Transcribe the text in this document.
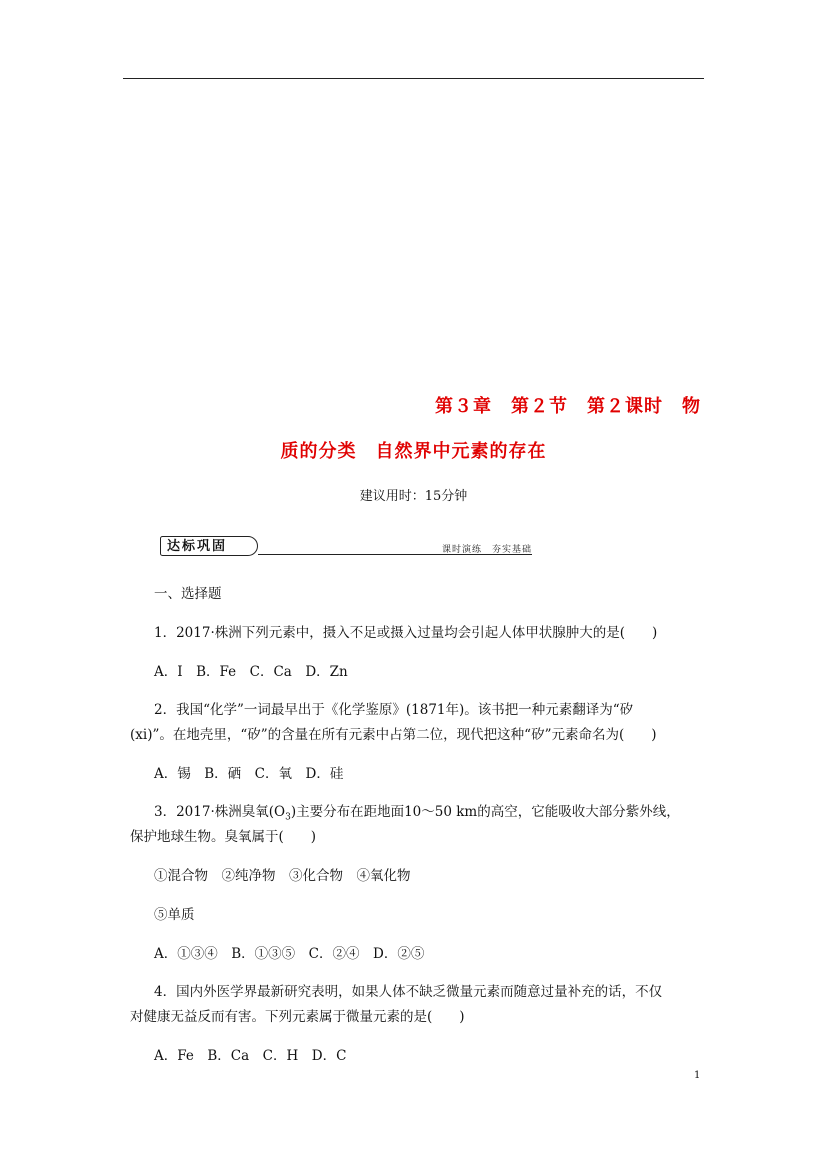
第３章　第２节　第２课时　物
质的分类　自然界中元素的存在
建议用时：15分钟
达标巩固	课时演练　夯实基础
一、选择题
1．2017·株洲下列元素中，摄入不足或摄入过量均会引起人体甲状腺肿大的是(　　)
A．I　B．Fe　C．Ca　D．Zn
2．我国“化学”一词最早出于《化学鉴原》(1871年)。该书把一种元素翻译为“矽
(xi)”。在地壳里，“矽”的含量在所有元素中占第二位，现代把这种“矽”元素命名为(　　)
A．锡　B．硒　C．氧　D．硅
3．2017·株洲臭氧$(O_3)$主要分布在距地面10～50 km的高空，它能吸收大部分紫外线，
保护地球生物。臭氧属于(　　)
①混合物　②纯净物　③化合物　④氧化物
⑤单质
A．①③④　B．①③⑤　C．②④　D．②⑤
4．国内外医学界最新研究表明，如果人体不缺乏微量元素而随意过量补充的话，不仅
对健康无益反而有害。下列元素属于微量元素的是(　　)
A．Fe　B．Ca　C．H　D．C
1
